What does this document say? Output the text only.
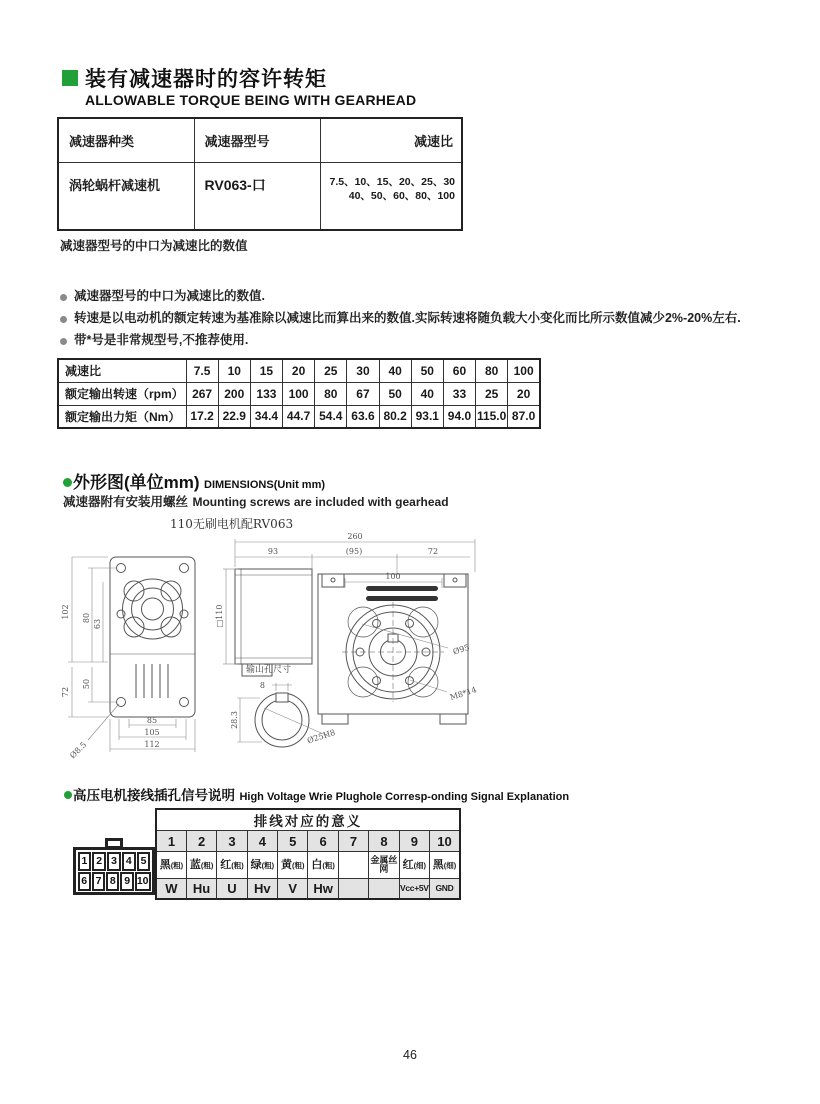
装有减速器时的容许转矩
ALLOWABLE TORQUE BEING WITH GEARHEAD
减速器种类	减速器型号	减速比
涡轮蜗杆减速机	RV063-口	7.5、10、15、20、25、30
40、50、60、80、100
减速器型号的中口为减速比的数值
减速器型号的中口为减速比的数值.
转速是以电动机的额定转速为基准除以减速比而算出来的数值.实际转速将随负载大小变化而比所示数值减少2%-20%左右.
带*号是非常规型号,不推荐使用.
减速比	7.5	10	15	20	25	30	40	50	60	80	100
额定输出转速（rpm）	267	200	133	100	80	67	50	40	33	25	20
额定输出力矩（Nm）	17.2	22.9	34.4	44.7	54.4	63.6	80.2	93.1	94.0	115.0	87.0
外形图(单位mm) DIMENSIONS(Unit mm)
减速器附有安装用螺丝 Mounting screws are included with gearhead
110无刷电机配RV063
102 80
63
72
50
85
105
112
Ø8.5
260
93	(95)	72
100
□110
Ø95
M8*14
输山孔尺寸
8
28.3
Ø25H8
高压电机接线插孔信号说明 High Voltage Wrie Plughole Corresp-onding Signal Explanation
1 2 3 4 5
6 7 8 9 10
排线对应的意义									
1	2	3	4	5	6	7	8	9	10
黑(粗)	蓝(粗)	红(粗)	绿(粗)	黄(粗)	白(粗)		金属丝网	红(细)	黑(细)
W	Hu	U	Hv	V	Hw			Vcc+5V	GND
46
